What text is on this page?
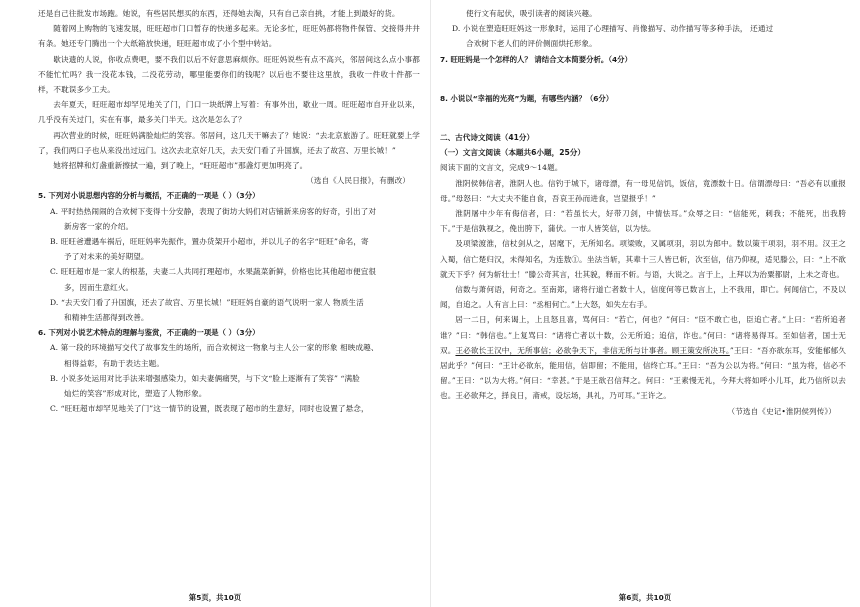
还是自己往批发市场跑。她说，有些居民想买的东西，还得她去淘，只有自己亲自挑，才能上到最好的货。

随着网上购物的飞速发展，旺旺超市门口暂存的快递多起来。无论多忙，旺旺妈都将物件保管、交接得井井有条。她还专门腾出一个大纸箱放快递，旺旺超市成了小个型中转站。

歇诀遗的人说，你收点费吧，要不我们以后不好意思麻烦你。旺旺妈说些有点不高兴，邻居间这么点小事都不能忙忙吗？我一没花本钱，二没花劳动，哪里能要你们的钱呢？以后也不要往这里放，我收一件收十件都一样，不耽误多少工夫。

去年夏天，旺旺超市却罕见地关了门，门口一块纸牌上写着：有事外出，歇业一周。旺旺超市自开业以来，几乎没有关过门，实在有事，最多关门半天。这次是怎么了？

再次营业的时候，旺旺妈满脸灿烂的笑容。邻居问，这几天干嘛去了？她说：“去北京旅游了。旺旺就要上学了，我们两口子也从来没出过远门。这次去北京好几天，去天安门看了升国旗，还去了故宫、万里长城！”

她将招牌和灯盏重新擦拭一遍，到了晚上，“旺旺超市”那盏灯更加明亮了。

（选自《人民日报》，有删改）

5. 下列对小说思想内容的分析与概括，不正确的一项是（ ）（3分）

A. 平时热热闹闹的合欢树下变得十分安静，表现了街坊大妈们对店铺新来房客的好奇，引出了对

新房客一家的介绍。

B. 旺旺爸遭遇车祸后，旺旺妈率先振作，置办货架开小超市，并以儿子的名字“旺旺”命名，寄

予了对未来的美好期望。

C. 旺旺超市是一家人的根基，夫妻二人共同打理超市，水果蔬菜新鲜，价格也比其他超市便宜很

多，因而生意红火。

D. “去天安门看了升国旗，还去了故宫、万里长城！”旺旺妈自豪的语气说明一家人 物质生活

和精神生活都得到改善。

6. 下列对小说艺术特点的理解与鉴赏，不正确的一项是（ ）（3分）

A. 第一段的环境描写交代了故事发生的场所，而合欢树这一物象与主人公一家的形象 相映成趣、

相得益彰，有助于表达主题。

B. 小说多处运用对比手法来增强感染力，如夫妻俩痛哭，与下文“脸上逐渐有了笑容” “满脸

灿烂的笑容”形成对比，塑造了人物形象。

C. “旺旺超市却罕见地关了门”这一情节的设置，既表现了超市的生意好，同时也设置了悬念，

第5页，共10页

使行文有起伏，吸引读者的阅读兴趣。

D. 小说在塑造旺旺妈这一形象时，运用了心理描写、肖像描写、动作描写等多种手法， 还通过

合欢树下老人们的评价侧面烘托形象。

7. 旺旺妈是一个怎样的人？ 请结合文本简要分析。（4分）

8. 小说以“幸福的光亮”为题，有哪些内涵？（6分）

二、古代诗文阅读（41分）

（一）文言文阅读（本题共6小题，25分）

阅读下面的文言文，完成9～14题。

淮阴侯韩信者，淮阴人也。信钓于城下，诸母漂，有一母见信饥，饭信，竟漂数十日。信谓漂母曰：“吾必有以重报母。”母怒曰：“大丈夫不能自食，吾哀王孙而进食，岂望报乎！”

淮阴屠中少年有侮信者，曰：“若虽长大，好带刀剑，中情怯耳。”众辱之曰：“信能死，刺我；不能死，出我胯下。”于是信孰视之，俛出胯下，蒲伏。一市人皆笑信，以为怯。

及项梁渡淮，信杖剑从之，居麾下，无所知名。项梁败，又属项羽，羽以为郎中。数以策干项羽，羽不用。汉王之入蜀，信亡楚归汉，未得知名，为连敖①。坐法当斩，其辈十三人皆已斩，次至信，信乃仰视，适见滕公，曰：“上不欲就天下乎？何为斩壮士！”滕公奇其言，壮其貌，释而不斩。与语，大说之。言于上，上拜以为治粟都尉，上未之奇也。

信数与萧何语，何奇之。至南郑，诸将行道亡者数十人，信度何等已数言上，上不我用，即亡。何闻信亡，不及以闻，自追之。人有言上曰：“丞相何亡。”上大怒，如失左右手。

居一二日，何来谒上，上且怒且喜，骂何曰：“若亡，何也？”何曰：“臣不敢亡也，臣追亡者。”上曰：“若所追者谁？”曰：“韩信也。”上复骂曰：“诸将亡者以十数，公无所追；追信，诈也。”何曰：“诸将易得耳。至如信者，国士无双。王必欲长王汉中，无所事信；必欲争天下，非信无所与计事者。顾王策安所决耳。”王曰：“吾亦欲东耳，安能郁郁久居此乎？”何曰：“王计必欲东，能用信，信即留；不能用，信终亡耳。”王曰：“吾为公以为将。”何曰：“虽为将，信必不留。”王曰：“以为大将。”何曰：“幸甚。”于是王欲召信拜之。何曰：“王素慢无礼，今拜大将如呼小儿耳，此乃信所以去也。王必欲拜之，择良日，斋戒，设坛场，具礼，乃可耳。”王许之。

（节选自《史记•淮阴侯列传》）

第6页，共10页
